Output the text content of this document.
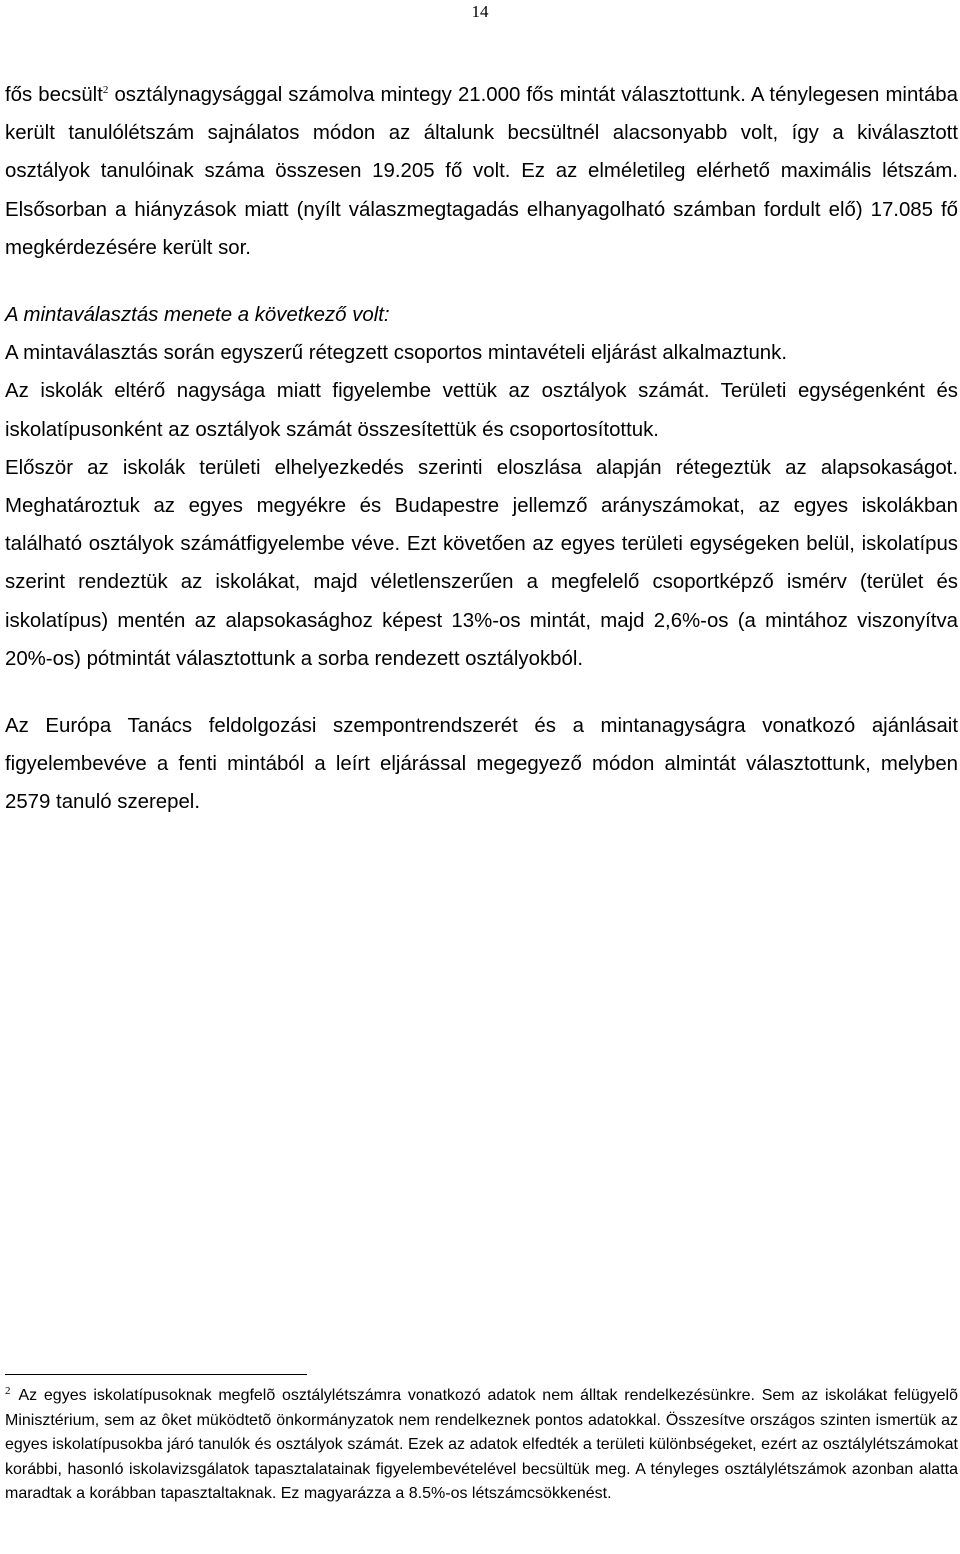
14

fős becsült$^2$ osztálynagysággal számolva mintegy 21.000 fős mintát választottunk. A ténylegesen mintába került tanulólétszám sajnálatos módon az általunk becsültnél alacsonyabb volt, így a kiválasztott osztályok tanulóinak száma összesen 19.205 fő volt. Ez az elméletileg elérhető maximális létszám. Elsősorban a hiányzások miatt (nyílt válaszmegtagadás elhanyagolható számban fordult elő) 17.085 fő megkérdezésére került sor.

A mintaválasztás menete a következő volt:

A mintaválasztás során egyszerű rétegzett csoportos mintavételi eljárást alkalmaztunk.

Az iskolák eltérő nagysága miatt figyelembe vettük az osztályok számát. Területi egységenként és iskolatípusonként az osztályok számát összesítettük és csoportosítottuk.

Először az iskolák területi elhelyezkedés szerinti eloszlása alapján rétegeztük az alapsokaságot. Meghatároztuk az egyes megyékre és Budapestre jellemző arányszámokat, az egyes iskolákban található osztályok számátfigyelembe véve. Ezt követően az egyes területi egységeken belül, iskolatípus szerint rendeztük az iskolákat, majd véletlenszerűen a megfelelő csoportképző ismérv (terület és iskolatípus) mentén az alapsokasághoz képest 13%-os mintát, majd 2,6%-os (a mintához viszonyítva 20%-os) pótmintát választottunk a sorba rendezett osztályokból.

Az Európa Tanács feldolgozási szempontrendszerét és a mintanagyságra vonatkozó ajánlásait figyelembevéve a fenti mintából a leírt eljárással megegyező módon almintát választottunk, melyben 2579 tanuló szerepel.

$^2$ Az egyes iskolatípusoknak megfelõ osztálylétszámra vonatkozó adatok nem álltak rendelkezésünkre. Sem az iskolákat felügyelõ Minisztérium, sem az ôket müködtetõ önkormányzatok nem rendelkeznek pontos adatokkal. Összesítve országos szinten ismertük az egyes iskolatípusokba járó tanulók és osztályok számát. Ezek az adatok elfedték a területi különbségeket, ezért az osztálylétszámokat korábbi, hasonló iskolavizsgálatok tapasztalatainak figyelembevételével becsültük meg. A tényleges osztálylétszámok azonban alatta maradtak a korábban tapasztaltaknak. Ez magyarázza a 8.5%-os létszámcsökkenést.
